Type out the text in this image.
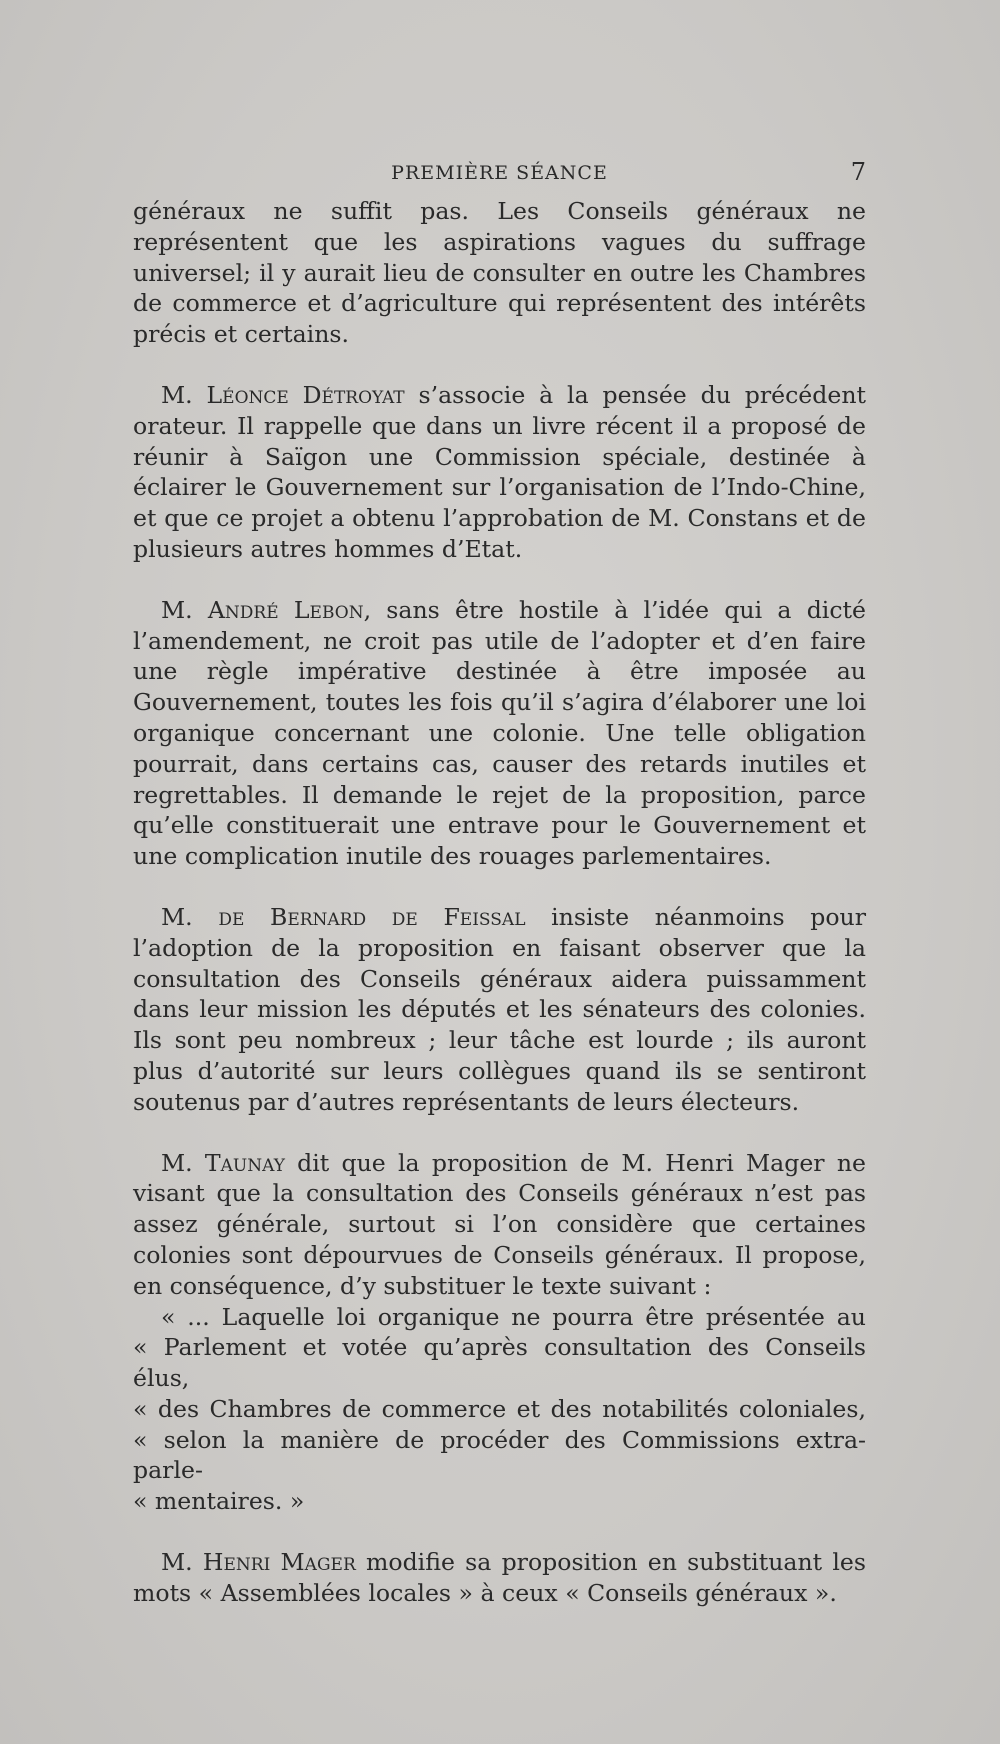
PREMIÈRE SÉANCE	7

généraux ne suffit pas. Les Conseils généraux ne représentent que les aspirations vagues du suffrage universel; il y aurait lieu de consulter en outre les Chambres de commerce et d’agriculture qui représentent des intérêts précis et certains.

M. Léonce Détroyat s’associe à la pensée du précédent orateur. Il rappelle que dans un livre récent il a proposé de réunir à Saïgon une Commission spéciale, destinée à éclairer le Gouvernement sur l’organisation de l’Indo-Chine, et que ce projet a obtenu l’approbation de M. Constans et de plusieurs autres hommes d’Etat.

M. André Lebon, sans être hostile à l’idée qui a dicté l’amendement, ne croit pas utile de l’adopter et d’en faire une règle impérative destinée à être imposée au Gouvernement, toutes les fois qu’il s’agira d’élaborer une loi organique concernant une colonie. Une telle obligation pourrait, dans certains cas, causer des retards inutiles et regrettables. Il demande le rejet de la proposition, parce qu’elle constituerait une entrave pour le Gouvernement et une complication inutile des rouages parlementaires.

M. de Bernard de Feissal insiste néanmoins pour l’adoption de la proposition en faisant observer que la consultation des Conseils généraux aidera puissamment dans leur mission les députés et les sénateurs des colonies. Ils sont peu nombreux ; leur tâche est lourde ; ils auront plus d’autorité sur leurs collègues quand ils se sentiront soutenus par d’autres représentants de leurs électeurs.

M. Taunay dit que la proposition de M. Henri Mager ne visant que la consultation des Conseils généraux n’est pas assez générale, surtout si l’on considère que certaines colonies sont dépourvues de Conseils généraux. Il propose, en conséquence, d’y substituer le texte suivant :

« ... Laquelle loi organique ne pourra être présentée au

« Parlement et votée qu’après consultation des Conseils élus,

« des Chambres de commerce et des notabilités coloniales,

« selon la manière de procéder des Commissions extra-parle-

« mentaires. »

M. Henri Mager modifie sa proposition en substituant les mots « Assemblées locales » à ceux « Conseils généraux ».
